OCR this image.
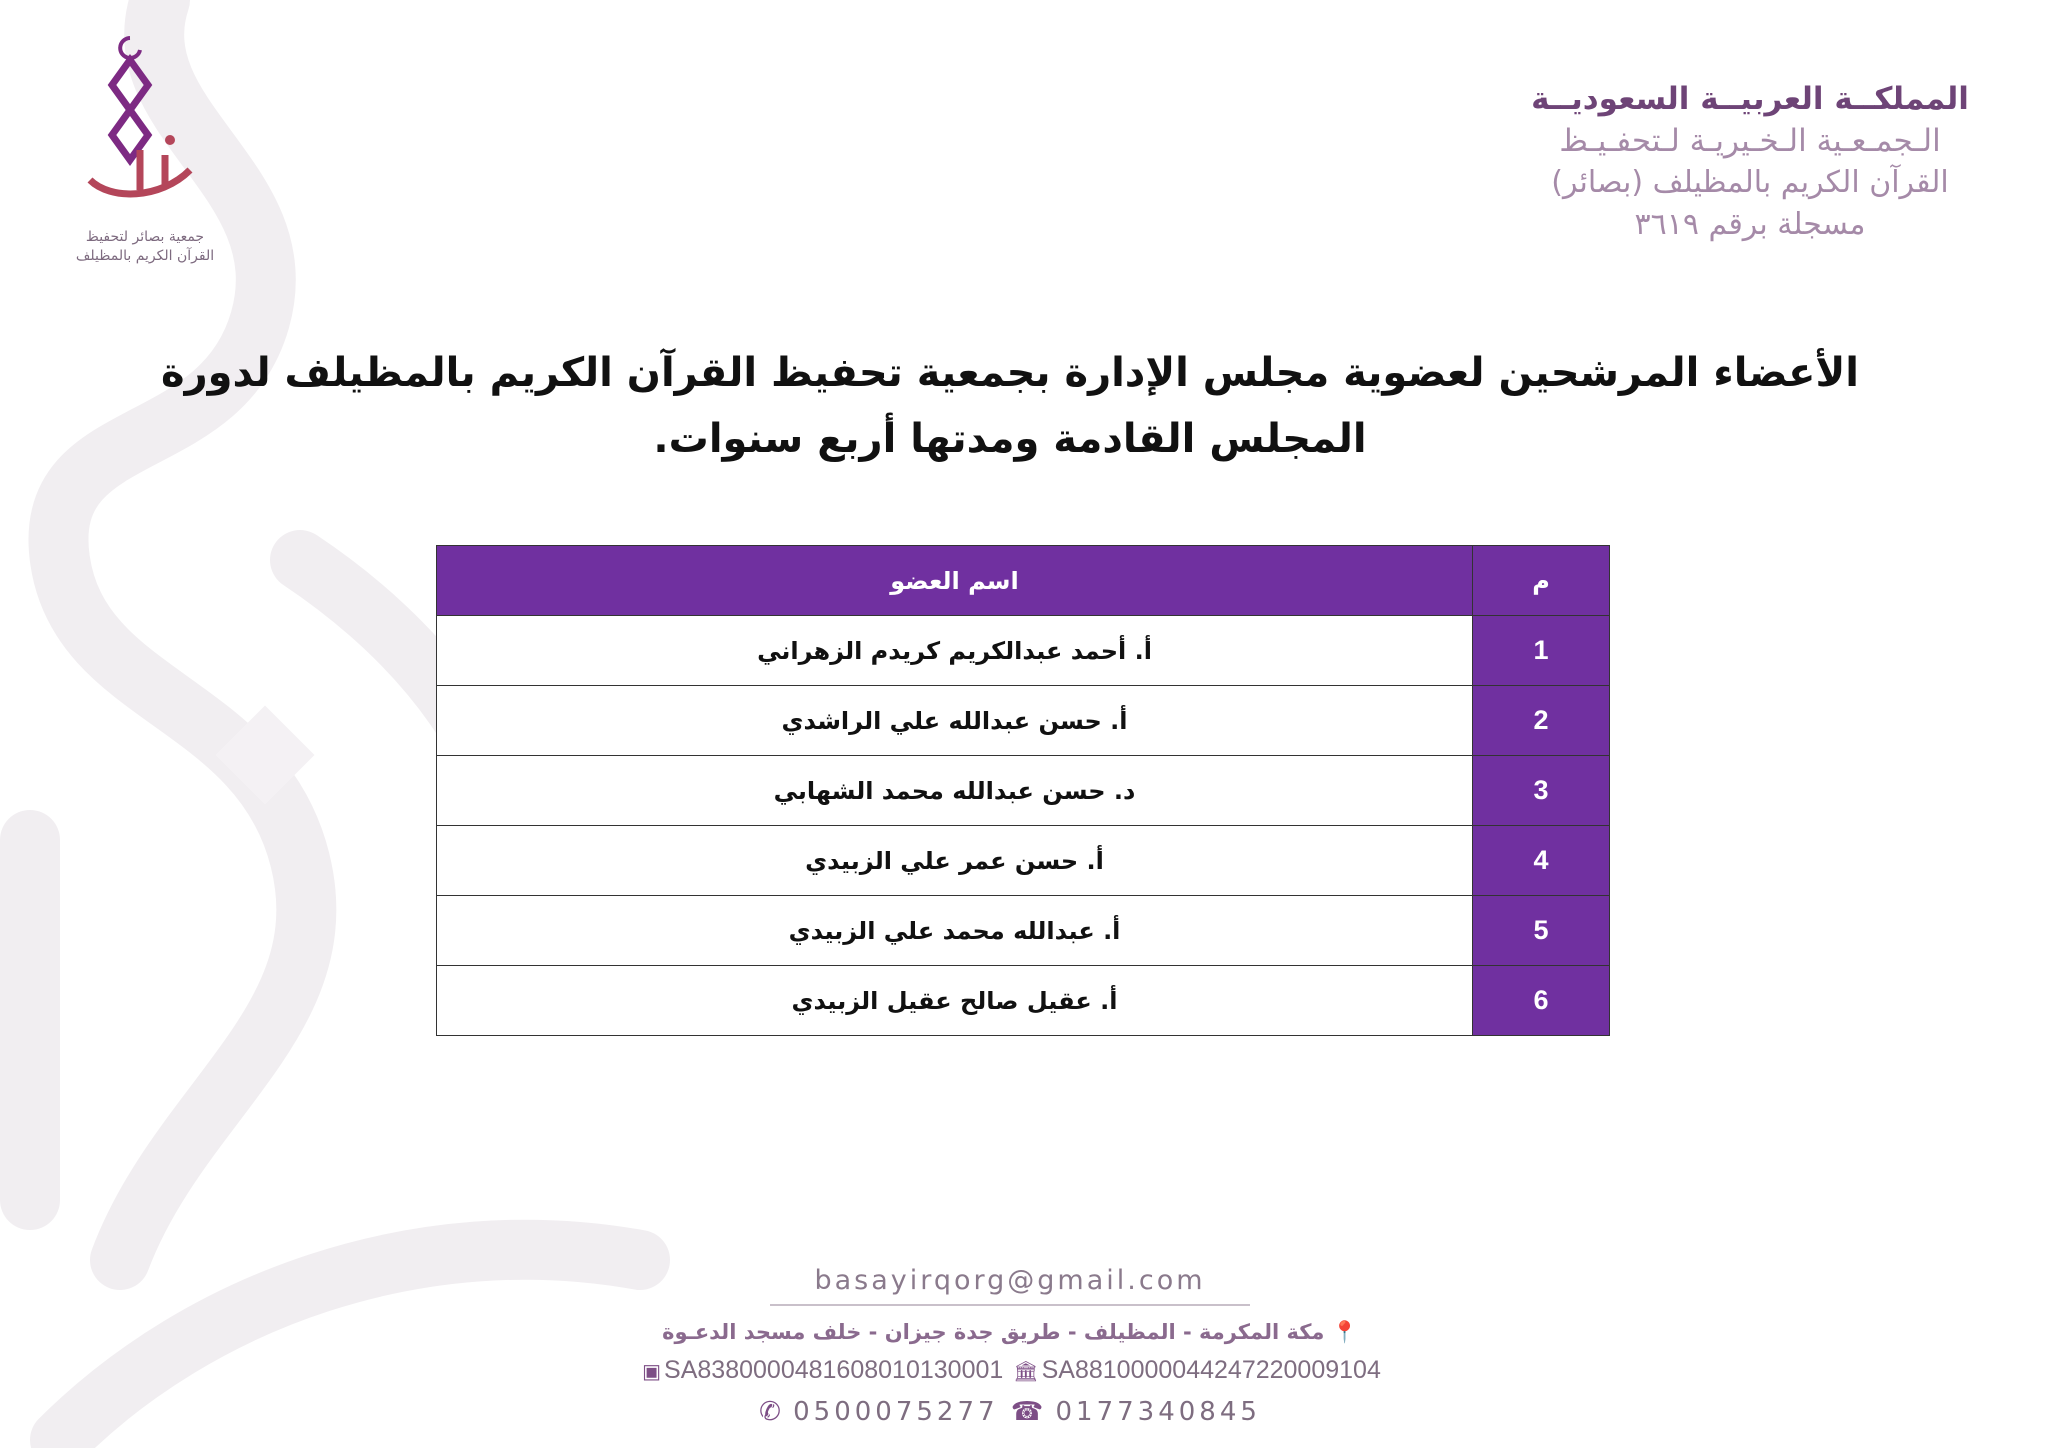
جمعية بصائر لتحفيظ
القرآن الكريم بالمظيلف
المملكــة العربيــة السعوديــة
الـجمـعـية الـخـيريـة لـتحفـيـظ
القرآن الكريم بالمظيلف (بصائر)
مسجلة برقم ٣٦١٩
الأعضاء المرشحين لعضوية مجلس الإدارة بجمعية تحفيظ القرآن الكريم بالمظيلف لدورة المجلس القادمة ومدتها أربع سنوات.
م	اسم العضو
1	أ. أحمد عبدالكريم كريدم الزهراني
2	أ. حسن عبدالله علي الراشدي
3	د. حسن عبدالله محمد الشهابي
4	أ. حسن عمر علي الزبيدي
5	أ. عبدالله محمد علي الزبيدي
6	أ. عقيل صالح عقيل الزبيدي
basayirqorg@gmail.com
📍 مكة المكرمة - المظيلف - طريق جدة جيزان - خلف مسجد الدعـوة
▣ SA8380000481608010130001 🏛 SA8810000044247220009104
✆ 0500075277 ☎ 0177340845
